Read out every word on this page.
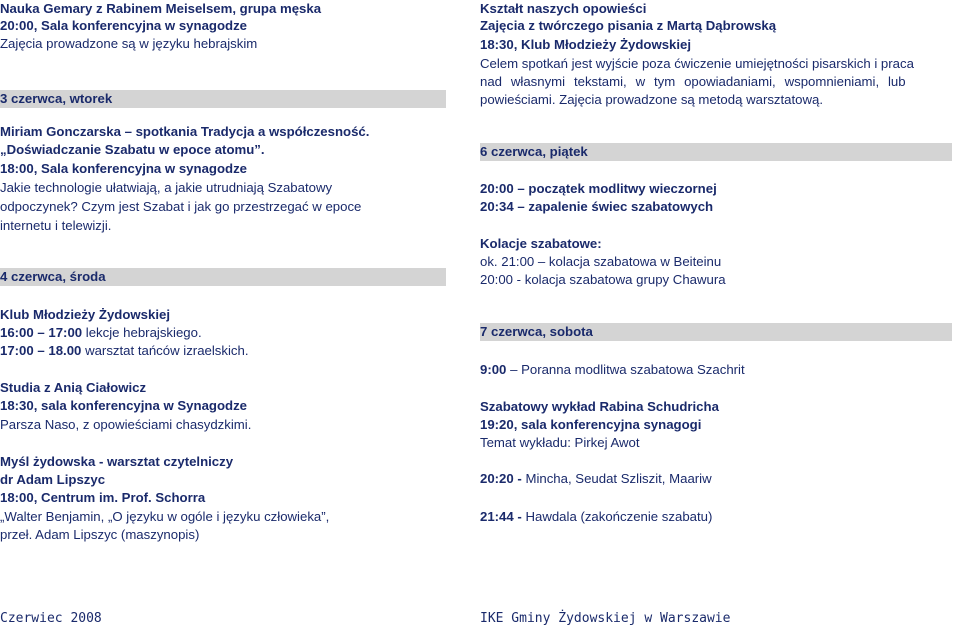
Nauka Gemary z Rabinem Meiselsem, grupa męska
20:00, Sala konferencyjna w synagodze
Zajęcia prowadzone są w języku hebrajskim
3 czerwca, wtorek
Miriam Gonczarska – spotkania Tradycja a współczesność.
„Doświadczanie Szabatu w epoce atomu”.
18:00, Sala konferencyjna w synagodze
Jakie technologie ułatwiają, a jakie utrudniają Szabatowy
odpoczynek? Czym jest Szabat i jak go przestrzegać w epoce
internetu i telewizji.
4 czerwca, środa
Klub Młodzieży Żydowskiej
16:00 – 17:00 lekcje hebrajskiego.
17:00 – 18.00 warsztat tańców izraelskich.
Studia z Anią Ciałowicz
18:30, sala konferencyjna w Synagodze
Parsza Naso, z opowieściami chasydzkimi.
Myśl żydowska - warsztat czytelniczy
dr Adam Lipszyc
18:00, Centrum im. Prof. Schorra
„Walter Benjamin, „O języku w ogóle i języku człowieka”,
przeł. Adam Lipszyc (maszynopis)
Kształt naszych opowieści
Zajęcia z twórczego pisania z Martą Dąbrowską
18:30, Klub Młodzieży Żydowskiej
Celem spotkań jest wyjście poza ćwiczenie umiejętności pisarskich i praca
nad własnymi tekstami, w tym opowiadaniami, wspomnieniami, lub
powieściami. Zajęcia prowadzone są metodą warsztatową.
6 czerwca, piątek
20:00 – początek modlitwy wieczornej
20:34 – zapalenie świec szabatowych
Kolacje szabatowe:
ok. 21:00 – kolacja szabatowa w Beiteinu
20:00 - kolacja szabatowa grupy Chawura
7 czerwca, sobota
9:00 – Poranna modlitwa szabatowa Szachrit
Szabatowy wykład Rabina Schudricha
19:20, sala konferencyjna synagogi
Temat wykładu: Pirkej Awot
20:20 - Mincha, Seudat Szliszit, Maariw
21:44 - Hawdala (zakończenie szabatu)
Czerwiec 2008	IKE Gminy Żydowskiej w Warszawie
